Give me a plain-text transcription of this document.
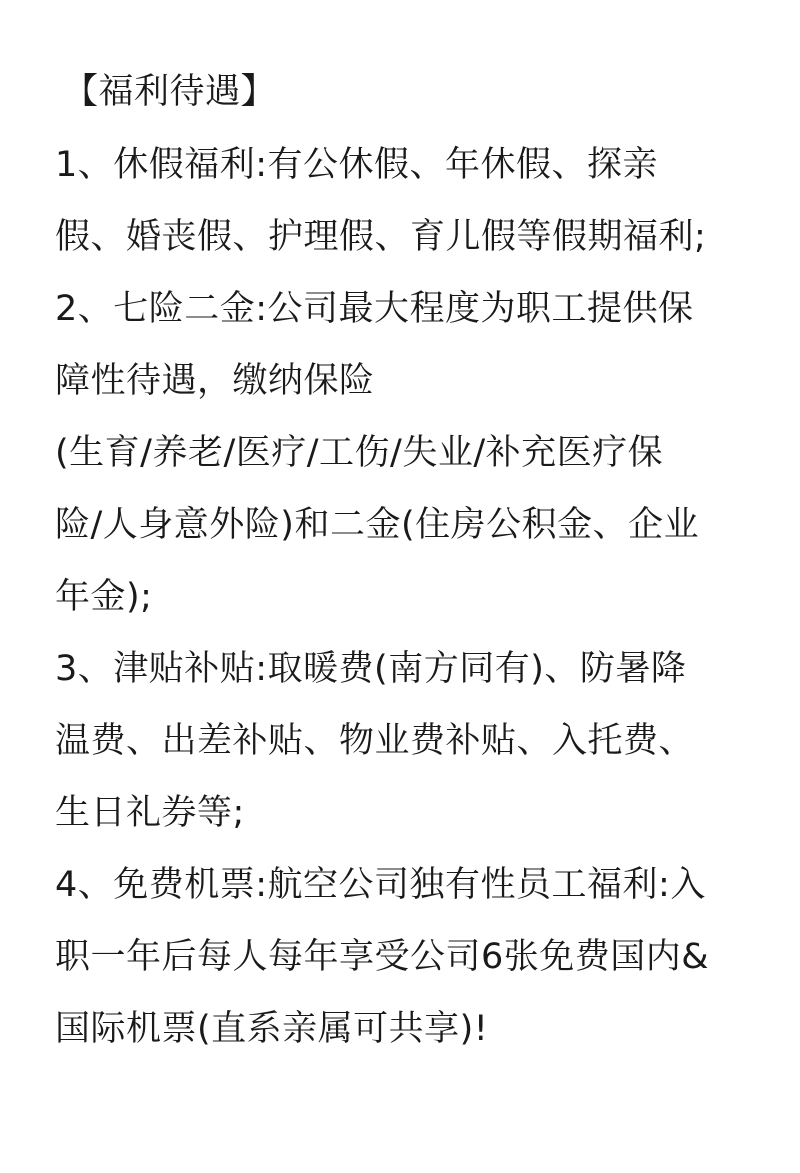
【福利待遇】
1、休假福利:有公休假、年休假、探亲
假、婚丧假、护理假、育儿假等假期福利;
2、七险二金:公司最大程度为职工提供保
障性待遇，缴纳保险
(生育/养老/医疗/工伤/失业/补充医疗保
险/人身意外险)和二金(住房公积金、企业
年金);
3、津贴补贴:取暖费(南方同有)、防暑降
温费、出差补贴、物业费补贴、入托费、
生日礼券等;
4、免费机票:航空公司独有性员工福利:入
职一年后每人每年享受公司6张免费国内&
国际机票(直系亲属可共享)!
